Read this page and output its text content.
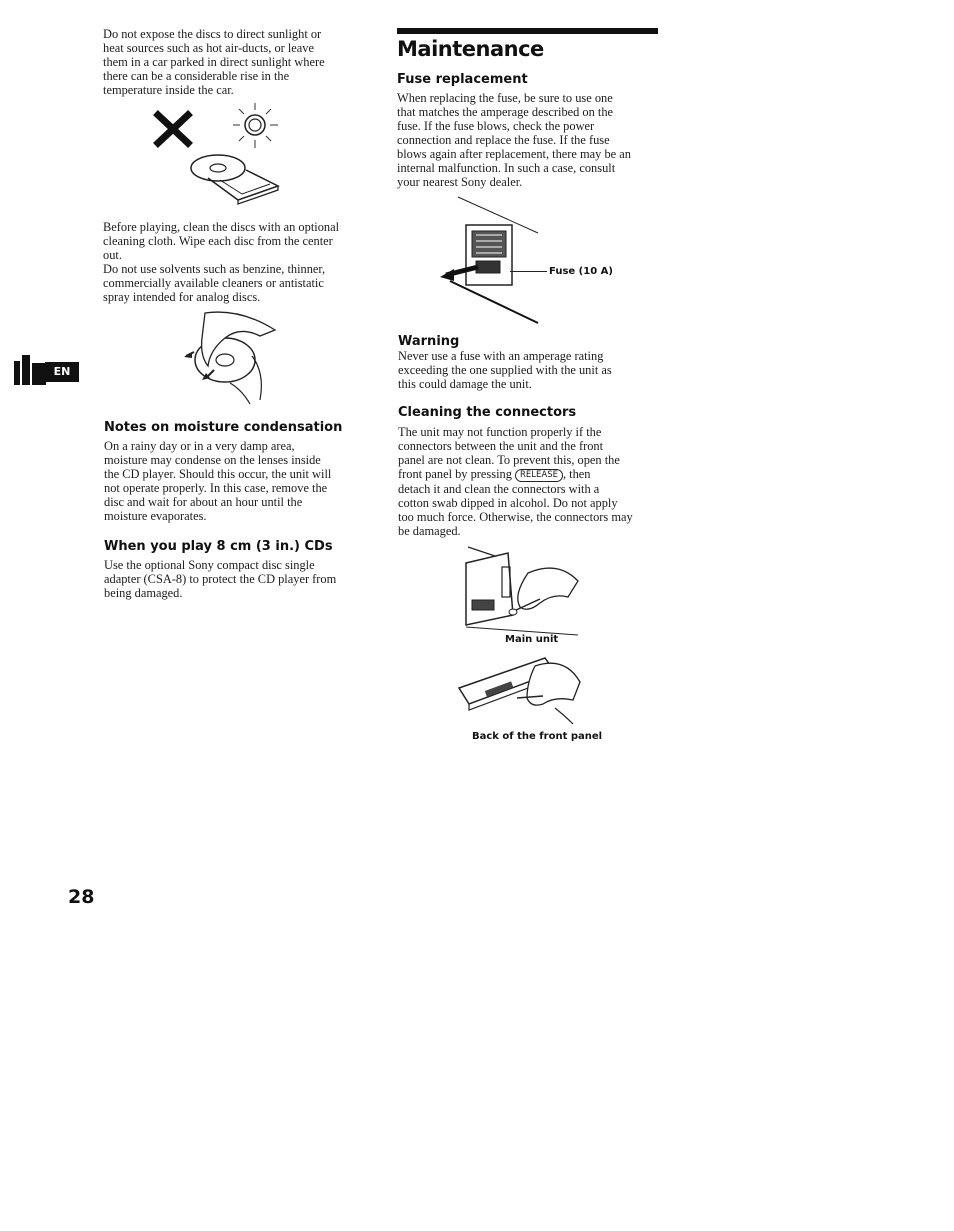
Do not expose the discs to direct sunlight or
heat sources such as hot air-ducts, or leave
them in a car parked in direct sunlight where
there can be a considerable rise in the
temperature inside the car.
Before playing, clean the discs with an optional
cleaning cloth. Wipe each disc from the center
out.
Do not use solvents such as benzine, thinner,
commercially available cleaners or antistatic
spray intended for analog discs.
Notes on moisture condensation
On a rainy day or in a very damp area,
moisture may condense on the lenses inside
the CD player. Should this occur, the unit will
not operate properly. In this case, remove the
disc and wait for about an hour until the
moisture evaporates.
When you play 8 cm (3 in.) CDs
Use the optional Sony compact disc single
adapter (CSA-8) to protect the CD player from
being damaged.
EN
28
Maintenance
Fuse replacement
When replacing the fuse, be sure to use one
that matches the amperage described on the
fuse. If the fuse blows, check the power
connection and replace the fuse. If the fuse
blows again after replacement, there may be an
internal malfunction. In such a case, consult
your nearest Sony dealer.
Fuse (10 A)
Warning
Never use a fuse with an amperage rating
exceeding the one supplied with the unit as
this could damage the unit.
Cleaning the connectors
The unit may not function properly if the
connectors between the unit and the front
panel are not clean. To prevent this, open the
front panel by pressing RELEASE , then
detach it and clean the connectors with a
cotton swab dipped in alcohol. Do not apply
too much force. Otherwise, the connectors may
be damaged.
Main unit
Back of the front panel
